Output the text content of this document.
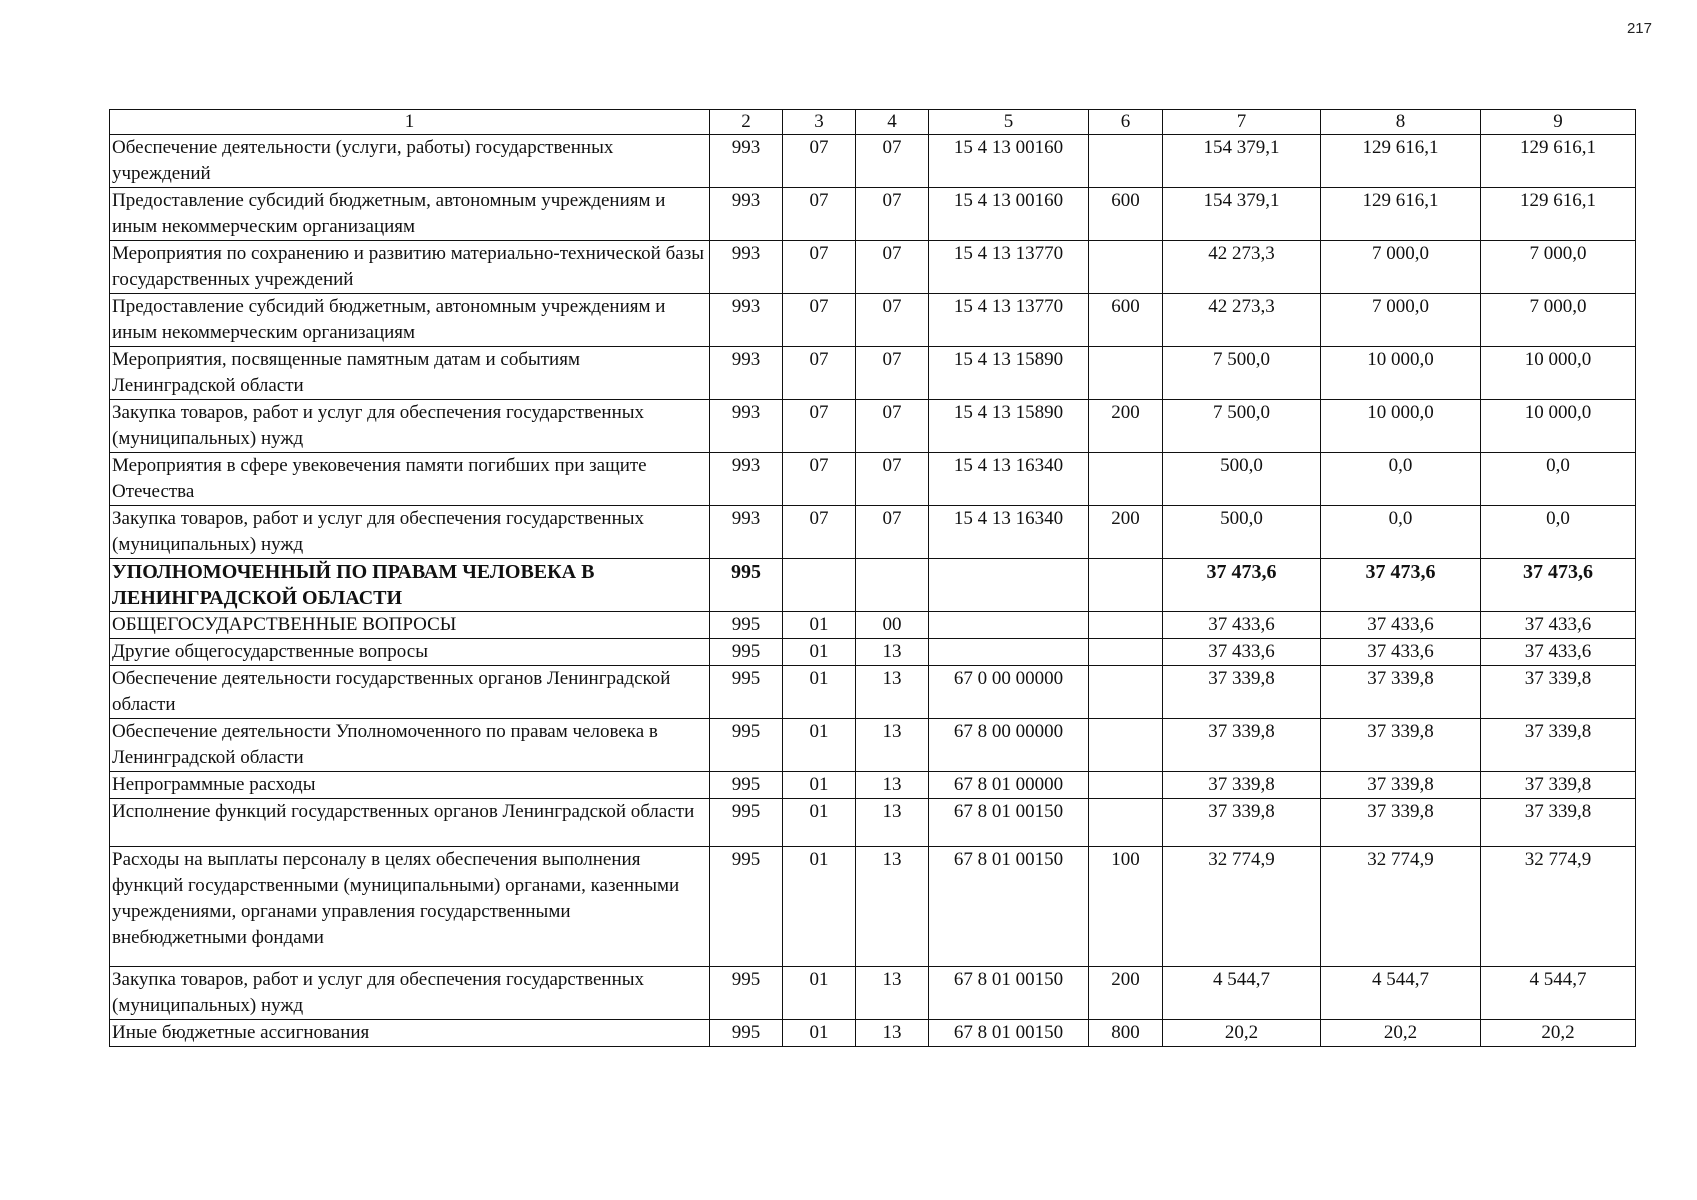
217
1	2	3	4	5	6	7	8	9
Обеспечение деятельности (услуги, работы) государственных учреждений	993	07	07	15 4 13 00160		154 379,1	129 616,1	129 616,1
Предоставление субсидий бюджетным, автономным учреждениям и иным некоммерческим организациям	993	07	07	15 4 13 00160	600	154 379,1	129 616,1	129 616,1
Мероприятия по сохранению и развитию материально-технической базы государственных учреждений	993	07	07	15 4 13 13770		42 273,3	7 000,0	7 000,0
Предоставление субсидий бюджетным, автономным учреждениям и иным некоммерческим организациям	993	07	07	15 4 13 13770	600	42 273,3	7 000,0	7 000,0
Мероприятия, посвященные памятным датам и событиям Ленинградской области	993	07	07	15 4 13 15890		7 500,0	10 000,0	10 000,0
Закупка товаров, работ и услуг для обеспечения государственных (муниципальных) нужд	993	07	07	15 4 13 15890	200	7 500,0	10 000,0	10 000,0
Мероприятия в сфере увековечения памяти погибших при защите Отечества	993	07	07	15 4 13 16340		500,0	0,0	0,0
Закупка товаров, работ и услуг для обеспечения государственных (муниципальных) нужд	993	07	07	15 4 13 16340	200	500,0	0,0	0,0
УПОЛНОМОЧЕННЫЙ ПО ПРАВАМ ЧЕЛОВЕКА В ЛЕНИНГРАДСКОЙ ОБЛАСТИ	995					37 473,6	37 473,6	37 473,6
ОБЩЕГОСУДАРСТВЕННЫЕ ВОПРОСЫ	995	01	00			37 433,6	37 433,6	37 433,6
Другие общегосударственные вопросы	995	01	13			37 433,6	37 433,6	37 433,6
Обеспечение деятельности государственных органов Ленинградской области	995	01	13	67 0 00 00000		37 339,8	37 339,8	37 339,8
Обеспечение деятельности Уполномоченного по правам человека в Ленинградской области	995	01	13	67 8 00 00000		37 339,8	37 339,8	37 339,8
Непрограммные расходы	995	01	13	67 8 01 00000		37 339,8	37 339,8	37 339,8
Исполнение функций государственных органов Ленинградской области	995	01	13	67 8 01 00150		37 339,8	37 339,8	37 339,8
Расходы на выплаты персоналу в целях обеспечения выполнения функций государственными (муниципальными) органами, казенными учреждениями, органами управления государственными внебюджетными фондами	995	01	13	67 8 01 00150	100	32 774,9	32 774,9	32 774,9
Закупка товаров, работ и услуг для обеспечения государственных (муниципальных) нужд	995	01	13	67 8 01 00150	200	4 544,7	4 544,7	4 544,7
Иные бюджетные ассигнования	995	01	13	67 8 01 00150	800	20,2	20,2	20,2
